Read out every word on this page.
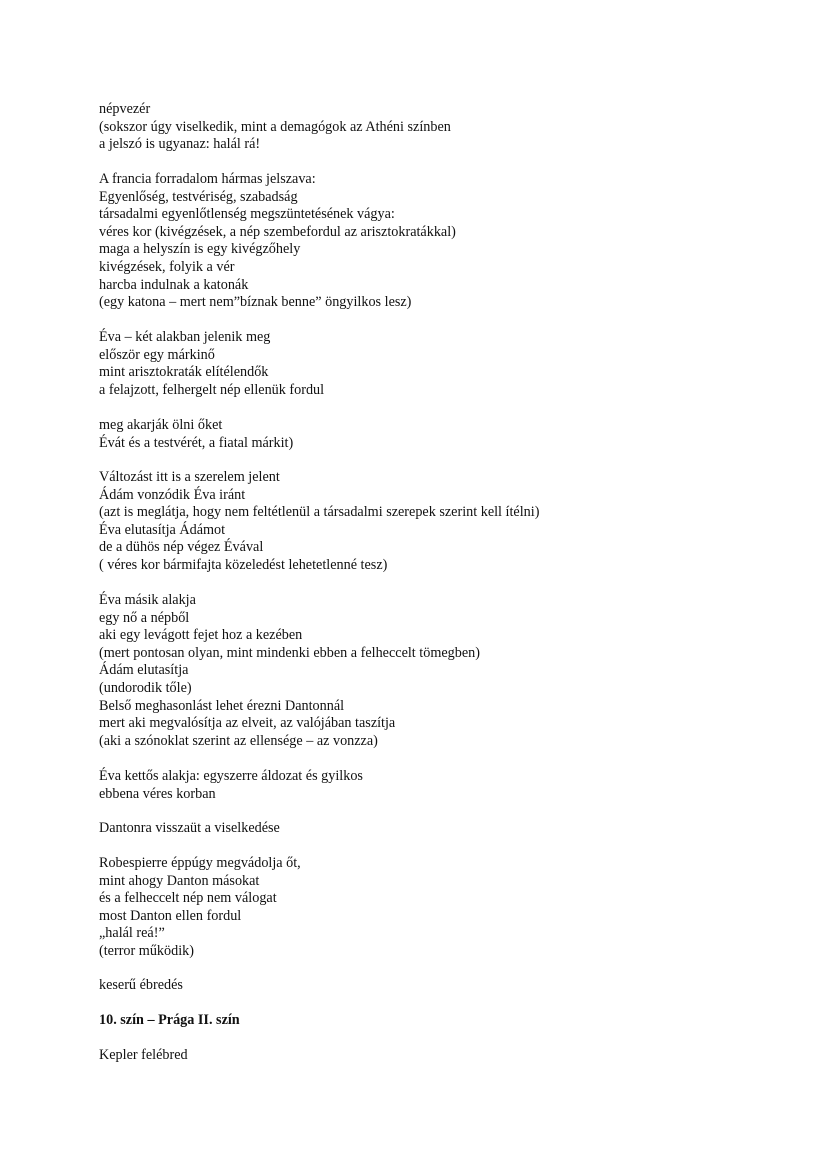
népvezér
(sokszor úgy viselkedik, mint a demagógok az Athéni színben
a jelszó is ugyanaz: halál rá!
A francia forradalom hármas jelszava:
Egyenlőség, testvériség, szabadság
társadalmi egyenlőtlenség megszüntetésének vágya:
véres kor (kivégzések, a nép szembefordul az arisztokratákkal)
maga a helyszín is egy kivégzőhely
kivégzések, folyik a vér
harcba indulnak a katonák
(egy katona – mert nem”bíznak benne” öngyilkos lesz)
Éva – két alakban jelenik meg
először egy márkinő
mint arisztokraták elítélendők
a felajzott, felhergelt nép ellenük fordul
meg akarják ölni őket
Évát és a testvérét, a fiatal márkit)
Változást itt is a szerelem jelent
Ádám vonzódik Éva iránt
(azt is meglátja, hogy nem feltétlenül a társadalmi szerepek szerint kell ítélni)
Éva elutasítja Ádámot
de a dühös nép végez Évával
( véres kor bármifajta közeledést lehetetlenné tesz)
Éva másik alakja
egy nő a népből
aki egy levágott fejet hoz a kezében
(mert pontosan olyan, mint mindenki ebben a felheccelt tömegben)
Ádám elutasítja
(undorodik tőle)
Belső meghasonlást lehet érezni Dantonnál
mert aki megvalósítja az elveit, az valójában taszítja
(aki a szónoklat szerint az ellensége – az vonzza)
Éva kettős alakja: egyszerre áldozat és gyilkos
ebbena véres korban
Dantonra visszaüt a viselkedése
Robespierre éppúgy megvádolja őt,
mint ahogy Danton másokat
és a felheccelt nép nem válogat
most Danton ellen fordul
„halál reá!”
(terror működik)
keserű ébredés
10. szín – Prága II. szín
Kepler felébred
